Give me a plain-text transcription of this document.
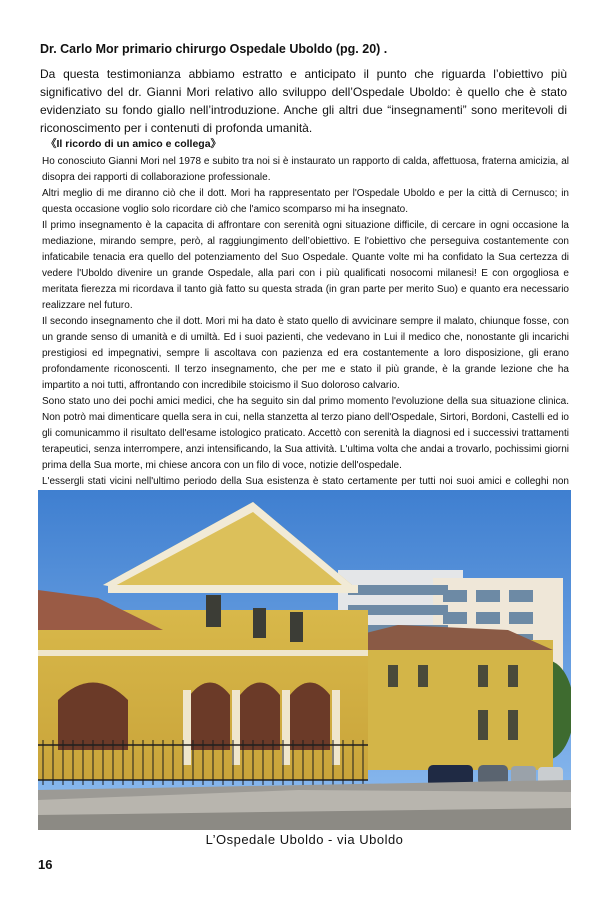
Dr. Carlo Mor primario chirurgo Ospedale Uboldo (pg. 20) .
Da questa testimonianza abbiamo estratto e anticipato il punto che riguarda l’obiettivo più significativo del dr. Gianni Mori relativo allo sviluppo dell’Ospedale Uboldo: è quello che è stato evidenziato su fondo giallo nell’introduzione. Anche gli altri due “insegnamenti” sono meritevoli di riconoscimento per i contenuti di profonda umanità.
《Il ricordo di un amico e collega》

Ho conosciuto Gianni Mori nel 1978 e subito tra noi si è instaurato un rapporto di calda, affettuosa, fraterna amicizia, al disopra dei rapporti di collaborazione professionale.

Altri meglio di me diranno ciò che il dott. Mori ha rappresentato per l'Ospedale Uboldo e per la città di Cernusco; in questa occasione voglio solo ricordare ciò che l'amico scomparso mi ha insegnato.

Il primo insegnamento è la capacita di affrontare con serenità ogni situazione difficile, di cercare in ogni occasione la mediazione, mirando sempre, però, al raggiungimento dell’obiettivo. E l'obiettivo che perseguiva costantemente con infaticabile tenacia era quello del potenziamento del Suo Ospedale. Quante volte mi ha confidato la Sua certezza di vedere l'Uboldo divenire un grande Ospedale, alla pari con i più qualificati nosocomi milanesi! E con orgogliosa e meritata fierezza mi ricordava il tanto già fatto su questa strada (in gran parte per merito Suo) e quanto era necessario realizzare nel futuro.

Il secondo insegnamento che il dott. Mori mi ha dato è stato quello di avvicinare sempre il malato, chiunque fosse, con un grande senso di umanità e di umiltà. Ed i suoi pazienti, che vedevano in Lui il medico che, nonostante gli incarichi prestigiosi ed impegnativi, sempre li ascoltava con pazienza ed era costantemente a loro disposizione, gli erano profondamente riconoscenti. Il terzo insegnamento, che per me e stato il più grande, è la grande lezione che ha impartito a noi tutti, affrontando con incredibile stoicismo il Suo doloroso calvario.

Sono stato uno dei pochi amici medici, che ha seguito sin dal primo momento l'evoluzione della sua situazione clinica. Non potrò mai dimenticare quella sera in cui, nella stanzetta al terzo piano dell'Ospedale, Sirtori, Bordoni, Castelli ed io gli comunicammo il risultato dell'esame istologico praticato. Accettò con serenità la diagnosi ed i successivi trattamenti terapeutici, senza interrompere, anzi intensificando, la Sua attività. L'ultima volta che andai a trovarlo, pochissimi giorni prima della Sua morte, mi chiese ancora con un filo di voce, notizie dell'ospedale.

L'essergli stati vicini nell'ultimo periodo della Sua esistenza è stato certamente per tutti noi suoi amici e colleghi non

L’Ospedale Uboldo - via Uboldo
16
